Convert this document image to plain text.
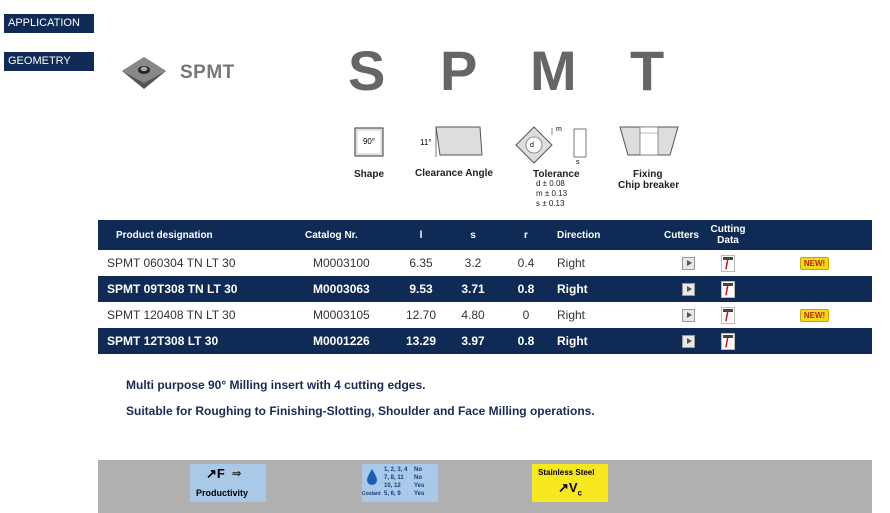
APPLICATION
GEOMETRY
SPMT S P M T
90°
Shape
11°
Clearance Angle
d
m
s
Tolerance
d ± 0.08
m ± 0.13
s ± 0.13
Fixing
Chip breaker
Product designation	Catalog Nr.	l	s	r	Direction	Cutters	Cutting Data	
SPMT 060304 TN LT 30	M0003100	6.35	3.2	0.4	Right		/	NEW!
SPMT 09T308 TN LT 30	M0003063	9.53	3.71	0.8	Right		/	
SPMT 120408 TN LT 30	M0003105	12.70	4.80	0	Right		/	NEW!
SPMT 12T308 LT 30	M0001226	13.29	3.97	0.8	Right		/	
Multi purpose 90° Milling insert with 4 cutting edges.
Suitable for Roughing to Finishing-Slotting, Shoulder and Face Milling operations.
↗F ⇒
Productivity	Coolant
1, 2, 3, 4 No
7, 8, 11 No
10, 12 Yes
5, 6, 9 Yes
Stainless Steel
$↗V_c$
